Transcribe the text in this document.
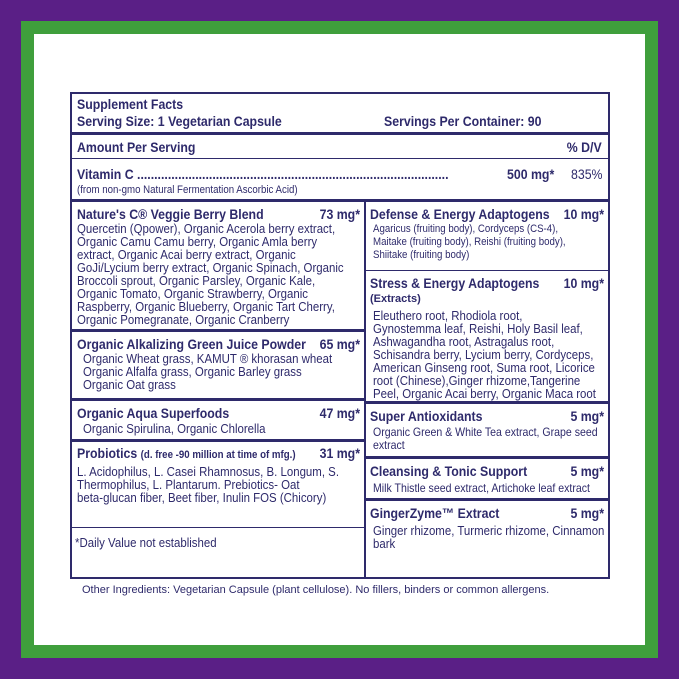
Supplement Facts
Serving Size: 1 Vegetarian Capsule	Servings Per Container: 90
Amount Per Serving	% D/V
Vitamin C ...........................................................................................	500 mg* 835%
(from non-gmo Natural Fermentation Ascorbic Acid)
Nature's C® Veggie Berry Blend	73 mg*
Quercetin (Qpower), Organic Acerola berry extract,
Organic Camu Camu berry, Organic Amla berry
extract, Organic Acai berry extract, Organic
GoJi/Lycium berry extract, Organic Spinach, Organic
Broccoli sprout, Organic Parsley, Organic Kale,
Organic Tomato, Organic Strawberry, Organic
Raspberry, Organic Blueberry, Organic Tart Cherry,
Organic Pomegranate, Organic Cranberry
Organic Alkalizing Green Juice Powder 65 mg*
Organic Wheat grass, KAMUT ® khorasan wheat
Organic Alfalfa grass, Organic Barley grass
Organic Oat grass
Organic Aqua Superfoods	47 mg*
Organic Spirulina, Organic Chlorella
Probiotics (d. free -90 million at time of mfg.)	31 mg*
L. Acidophilus, L. Casei Rhamnosus, B. Longum, S.
Thermophilus, L. Plantarum. Prebiotics- Oat
beta-glucan fiber, Beet fiber, Inulin FOS (Chicory)
*Daily Value not established
Defense & Energy Adaptogens 10 mg*
Agaricus (fruiting body), Cordyceps (CS-4),
Maitake (fruiting body), Reishi (fruiting body),
Shiitake (fruiting body)
Stress & Energy Adaptogens	10 mg*
(Extracts)
Eleuthero root, Rhodiola root,
Gynostemma leaf, Reishi, Holy Basil leaf,
Ashwagandha root, Astragalus root,
Schisandra berry, Lycium berry, Cordyceps,
American Ginseng root, Suma root, Licorice
root (Chinese),Ginger rhizome,Tangerine
Peel, Organic Acai berry, Organic Maca root
Super Antioxidants	5 mg*
Organic Green & White Tea extract, Grape seed
extract
Cleansing & Tonic Support	5 mg*
Milk Thistle seed extract, Artichoke leaf extract
GingerZyme™ Extract	5 mg*
Ginger rhizome, Turmeric rhizome, Cinnamon
bark
Other Ingredients: Vegetarian Capsule (plant cellulose). No fillers, binders or common allergens.
